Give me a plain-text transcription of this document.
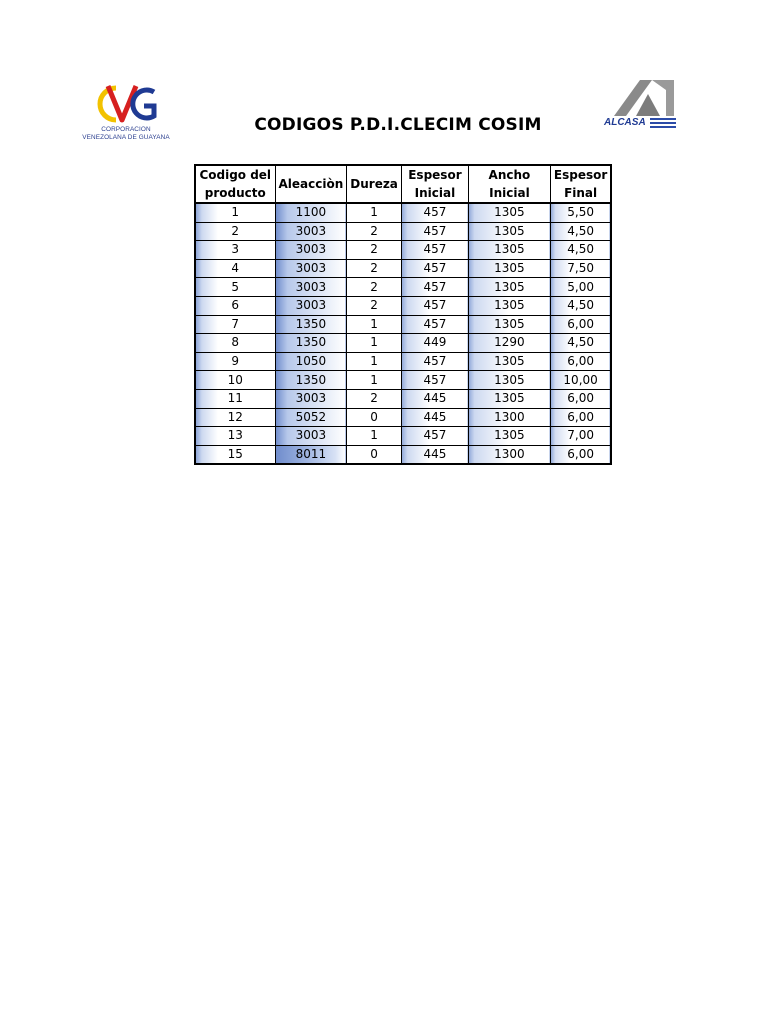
CORPORACION
VENEZOLANA DE GUAYANA
ALCASA
CODIGOS P.D.I.CLECIM COSIM
Codigo del producto	Aleacciòn	Dureza	Espesor Inicial	Ancho Inicial	Espesor Final
1	1100	1	457	1305	5,50
2	3003	2	457	1305	4,50
3	3003	2	457	1305	4,50
4	3003	2	457	1305	7,50
5	3003	2	457	1305	5,00
6	3003	2	457	1305	4,50
7	1350	1	457	1305	6,00
8	1350	1	449	1290	4,50
9	1050	1	457	1305	6,00
10	1350	1	457	1305	10,00
11	3003	2	445	1305	6,00
12	5052	0	445	1300	6,00
13	3003	1	457	1305	7,00
15	8011	0	445	1300	6,00
